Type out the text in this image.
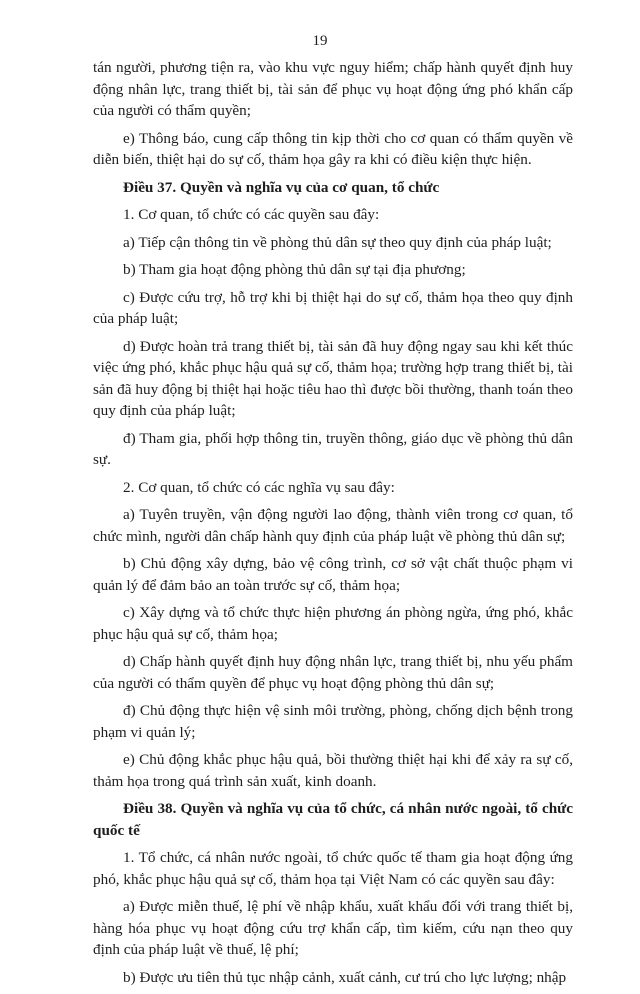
19

tán người, phương tiện ra, vào khu vực nguy hiểm; chấp hành quyết định huy động nhân lực, trang thiết bị, tài sản để phục vụ hoạt động ứng phó khẩn cấp của người có thẩm quyền;

e) Thông báo, cung cấp thông tin kịp thời cho cơ quan có thẩm quyền về diễn biến, thiệt hại do sự cố, thảm họa gây ra khi có điều kiện thực hiện.

Điều 37. Quyền và nghĩa vụ của cơ quan, tổ chức

1. Cơ quan, tổ chức có các quyền sau đây:

a) Tiếp cận thông tin về phòng thủ dân sự theo quy định của pháp luật;

b) Tham gia hoạt động phòng thủ dân sự tại địa phương;

c) Được cứu trợ, hỗ trợ khi bị thiệt hại do sự cố, thảm họa theo quy định của pháp luật;

d) Được hoàn trả trang thiết bị, tài sản đã huy động ngay sau khi kết thúc việc ứng phó, khắc phục hậu quả sự cố, thảm họa; trường hợp trang thiết bị, tài sản đã huy động bị thiệt hại hoặc tiêu hao thì được bồi thường, thanh toán theo quy định của pháp luật;

đ) Tham gia, phối hợp thông tin, truyền thông, giáo dục về phòng thủ dân sự.

2. Cơ quan, tổ chức có các nghĩa vụ sau đây:

a) Tuyên truyền, vận động người lao động, thành viên trong cơ quan, tổ chức mình, người dân chấp hành quy định của pháp luật về phòng thủ dân sự;

b) Chủ động xây dựng, bảo vệ công trình, cơ sở vật chất thuộc phạm vi quản lý để đảm bảo an toàn trước sự cố, thảm họa;

c) Xây dựng và tổ chức thực hiện phương án phòng ngừa, ứng phó, khắc phục hậu quả sự cố, thảm họa;

d) Chấp hành quyết định huy động nhân lực, trang thiết bị, nhu yếu phẩm của người có thẩm quyền để phục vụ hoạt động phòng thủ dân sự;

đ) Chủ động thực hiện vệ sinh môi trường, phòng, chống dịch bệnh trong phạm vi quản lý;

e) Chủ động khắc phục hậu quả, bồi thường thiệt hại khi để xảy ra sự cố, thảm họa trong quá trình sản xuất, kinh doanh.

Điều 38. Quyền và nghĩa vụ của tổ chức, cá nhân nước ngoài, tổ chức quốc tế

1. Tổ chức, cá nhân nước ngoài, tổ chức quốc tế tham gia hoạt động ứng phó, khắc phục hậu quả sự cố, thảm họa tại Việt Nam có các quyền sau đây:

a) Được miễn thuế, lệ phí về nhập khẩu, xuất khẩu đối với trang thiết bị, hàng hóa phục vụ hoạt động cứu trợ khẩn cấp, tìm kiếm, cứu nạn theo quy định của pháp luật về thuế, lệ phí;

b) Được ưu tiên thủ tục nhập cảnh, xuất cảnh, cư trú cho lực lượng; nhập
